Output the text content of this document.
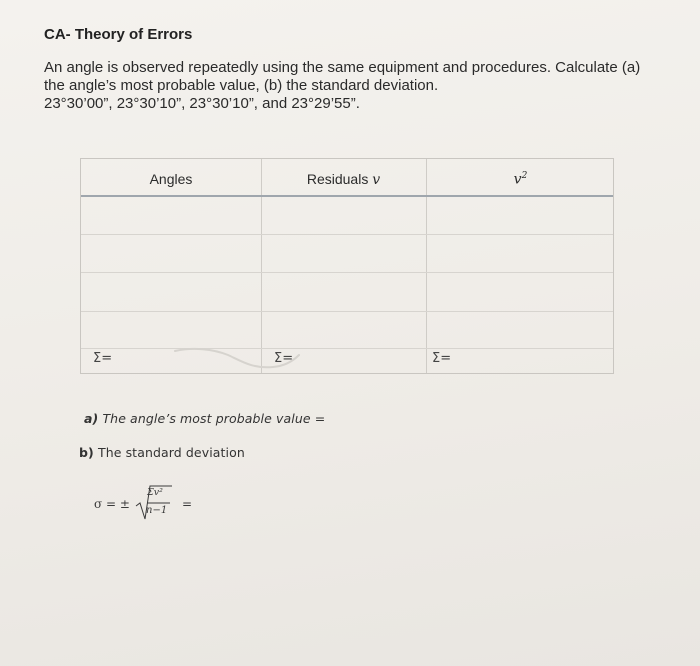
CA- Theory of Errors
An angle is observed repeatedly using the same equipment and procedures. Calculate (a)
the angle’s most probable value, (b) the standard deviation.
23°30’00”, 23°30’10”, 23°30’10”, and 23°29’55”.
Angles	Residuals v	$v^2$
Σ=	Σ=	Σ=
a) The angle’s most probable value =
b) The standard deviation
σ = ±
Σv²
n−1 =
